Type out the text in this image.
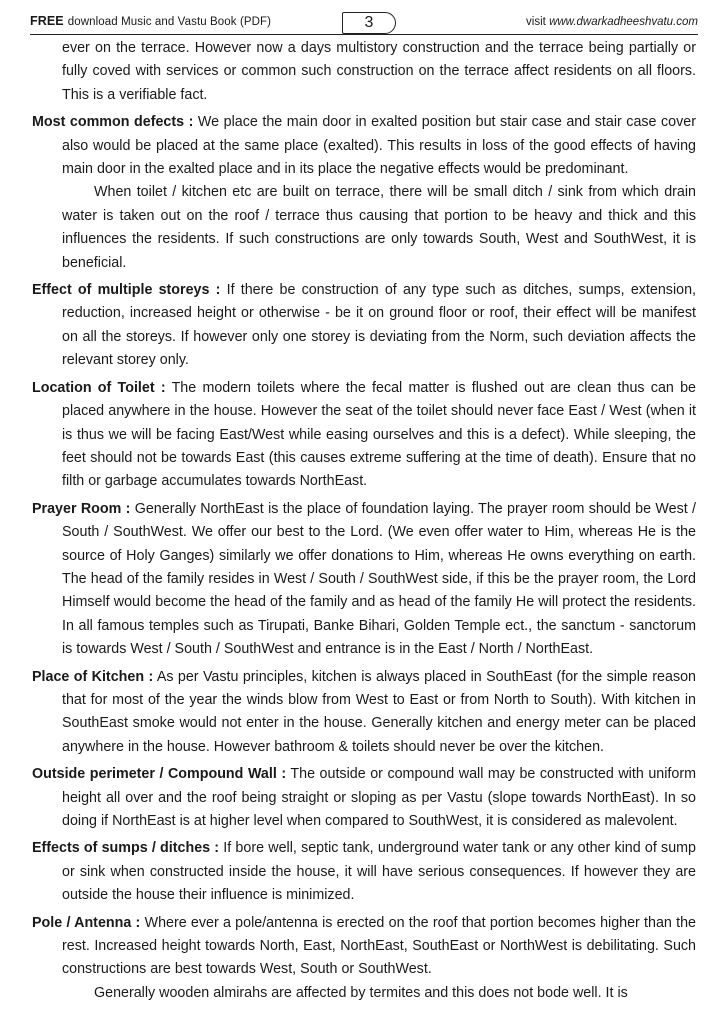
FREE download Music and Vastu Book (PDF)	3	visit www.dwarkadheeshvatu.com

ever on the terrace. However now a days multistory construction and the terrace being partially or fully coved with services or common such construction on the terrace affect residents on all floors. This is a verifiable fact.

Most common defects : We place the main door in exalted position but stair case and stair case cover also would be placed at the same place (exalted). This results in loss of the good effects of having main door in the exalted place and in its place the negative effects would be predominant.

When toilet / kitchen etc are built on terrace, there will be small ditch / sink from which drain water is taken out on the roof / terrace thus causing that portion to be heavy and thick and this influences the residents. If such constructions are only towards South, West and SouthWest, it is beneficial.

Effect of multiple storeys : If there be construction of any type such as ditches, sumps, extension, reduction, increased height or otherwise - be it on ground floor or roof, their effect will be manifest on all the storeys. If however only one storey is deviating from the Norm, such deviation affects the relevant storey only.

Location of Toilet : The modern toilets where the fecal matter is flushed out are clean thus can be placed anywhere in the house. However the seat of the toilet should never face East / West (when it is thus we will be facing East/West while easing ourselves and this is a defect). While sleeping, the feet should not be towards East (this causes extreme suffering at the time of death). Ensure that no filth or garbage accumulates towards NorthEast.

Prayer Room : Generally NorthEast is the place of foundation laying. The prayer room should be West / South / SouthWest. We offer our best to the Lord. (We even offer water to Him, whereas He is the source of Holy Ganges) similarly we offer donations to Him, whereas He owns everything on earth. The head of the family resides in West / South / SouthWest side, if this be the prayer room, the Lord Himself would become the head of the family and as head of the family He will protect the residents. In all famous temples such as Tirupati, Banke Bihari, Golden Temple ect., the sanctum - sanctorum is towards West / South / SouthWest and entrance is in the East / North / NorthEast.

Place of Kitchen : As per Vastu principles, kitchen is always placed in SouthEast (for the simple reason that for most of the year the winds blow from West to East or from North to South). With kitchen in SouthEast smoke would not enter in the house. Generally kitchen and energy meter can be placed anywhere in the house. However bathroom & toilets should never be over the kitchen.

Outside perimeter / Compound Wall : The outside or compound wall may be constructed with uniform height all over and the roof being straight or sloping as per Vastu (slope towards NorthEast). In so doing if NorthEast is at higher level when compared to SouthWest, it is considered as malevolent.

Effects of sumps / ditches : If bore well, septic tank, underground water tank or any other kind of sump or sink when constructed inside the house, it will have serious consequences. If however they are outside the house their influence is minimized.

Pole / Antenna : Where ever a pole/antenna is erected on the roof that portion becomes higher than the rest. Increased height towards North, East, NorthEast, SouthEast or NorthWest is debilitating. Such constructions are best towards West, South or SouthWest.

Generally wooden almirahs are affected by termites and this does not bode well. It is
